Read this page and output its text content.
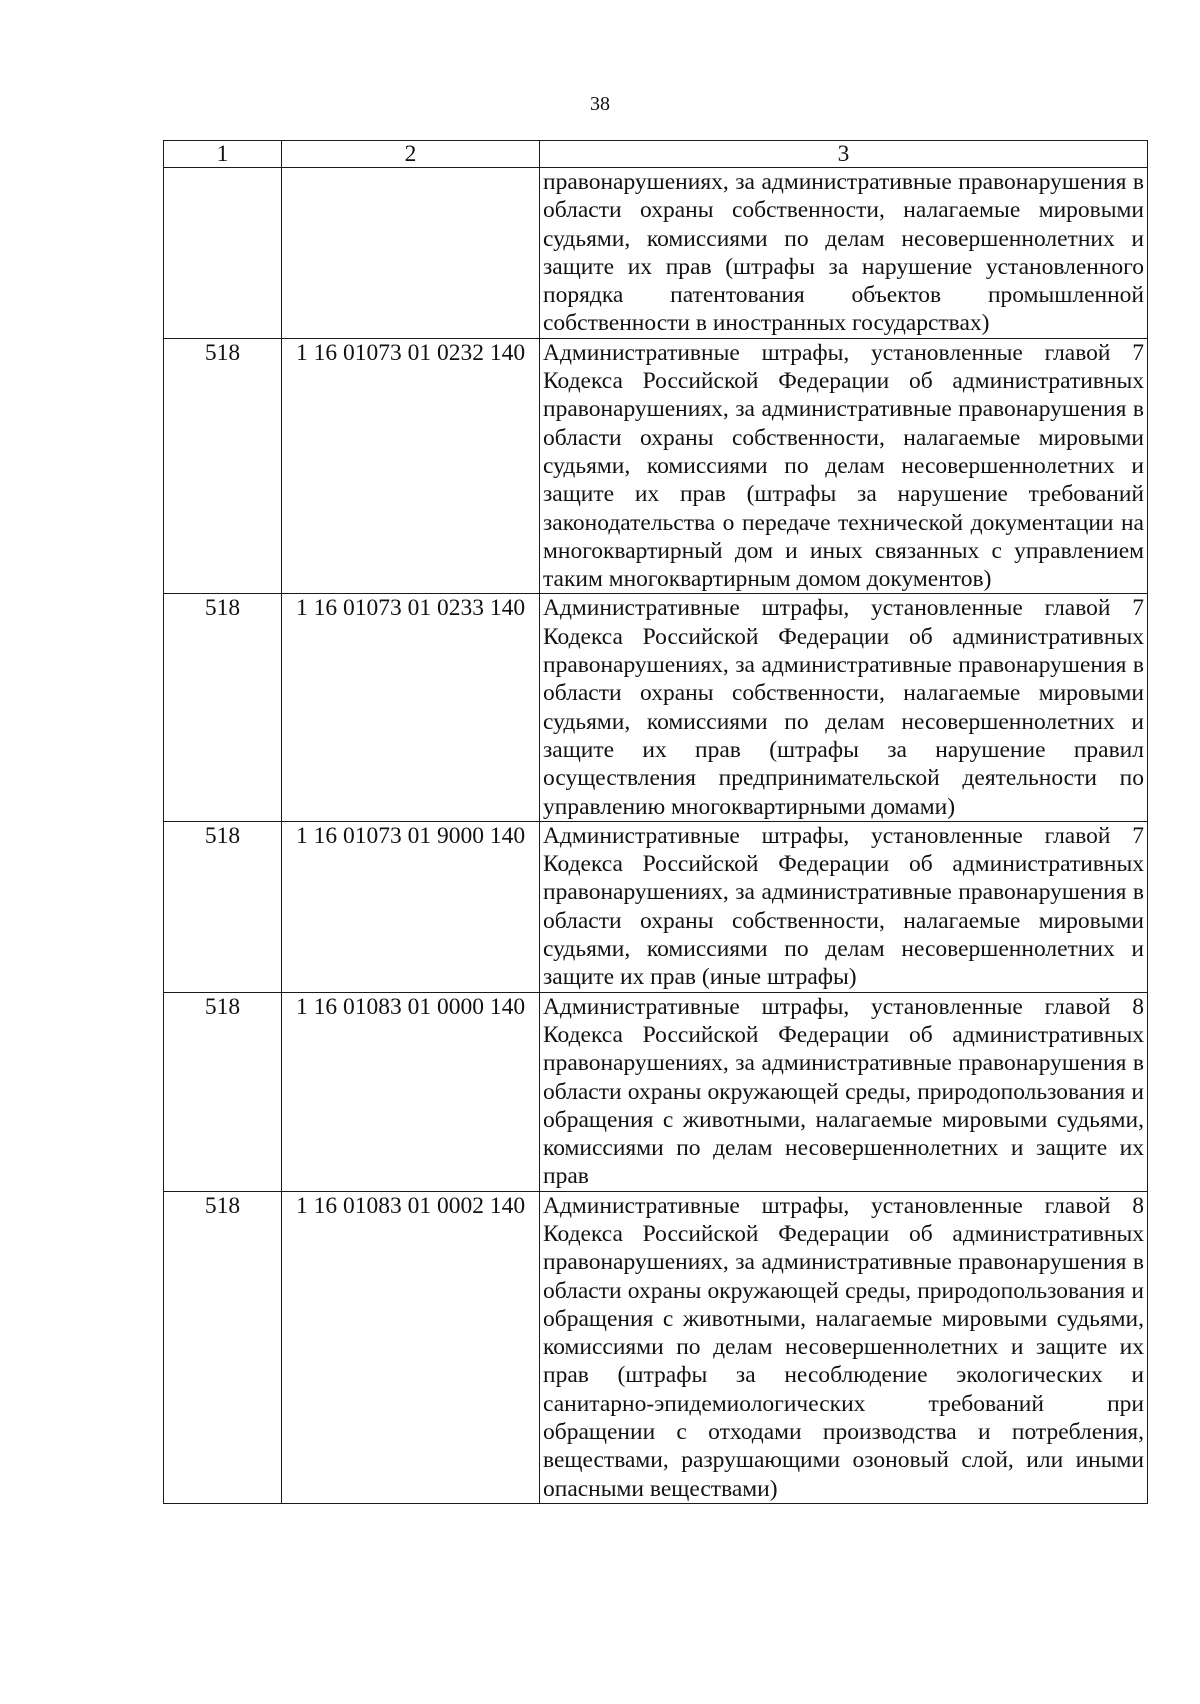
38
1	2	3
		правонарушениях, за административные правонарушения в области охраны собственности, налагаемые мировыми судьями, комиссиями по делам несовершеннолетних и защите их прав (штрафы за нарушение установленного порядка патентования объектов промышленной собственности в иностранных государствах)
518	1 16 01073 01 0232 140	Административные штрафы, установленные главой 7 Кодекса Российской Федерации об административных правонарушениях, за административные правонарушения в области охраны собственности, налагаемые мировыми судьями, комиссиями по делам несовершеннолетних и защите их прав (штрафы за нарушение требований законодательства о передаче технической документации на многоквартирный дом и иных связанных с управлением таким многоквартирным домом документов)
518	1 16 01073 01 0233 140	Административные штрафы, установленные главой 7 Кодекса Российской Федерации об административных правонарушениях, за административные правонарушения в области охраны собственности, налагаемые мировыми судьями, комиссиями по делам несовершеннолетних и защите их прав (штрафы за нарушение правил осуществления предпринимательской деятельности по управлению многоквартирными домами)
518	1 16 01073 01 9000 140	Административные штрафы, установленные главой 7 Кодекса Российской Федерации об административных правонарушениях, за административные правонарушения в области охраны собственности, налагаемые мировыми судьями, комиссиями по делам несовершеннолетних и защите их прав (иные штрафы)
518	1 16 01083 01 0000 140	Административные штрафы, установленные главой 8 Кодекса Российской Федерации об административных правонарушениях, за административные правонарушения в области охраны окружающей среды, природопользования и обращения с животными, налагаемые мировыми судьями, комиссиями по делам несовершеннолетних и защите их прав
518	1 16 01083 01 0002 140	Административные штрафы, установленные главой 8 Кодекса Российской Федерации об административных правонарушениях, за административные правонарушения в области охраны окружающей среды, природопользования и обращения с животными, налагаемые мировыми судьями, комиссиями по делам несовершеннолетних и защите их прав (штрафы за несоблюдение экологических и санитарно-эпидемиологических требований при обращении с отходами производства и потребления, веществами, разрушающими озоновый слой, или иными опасными веществами)
